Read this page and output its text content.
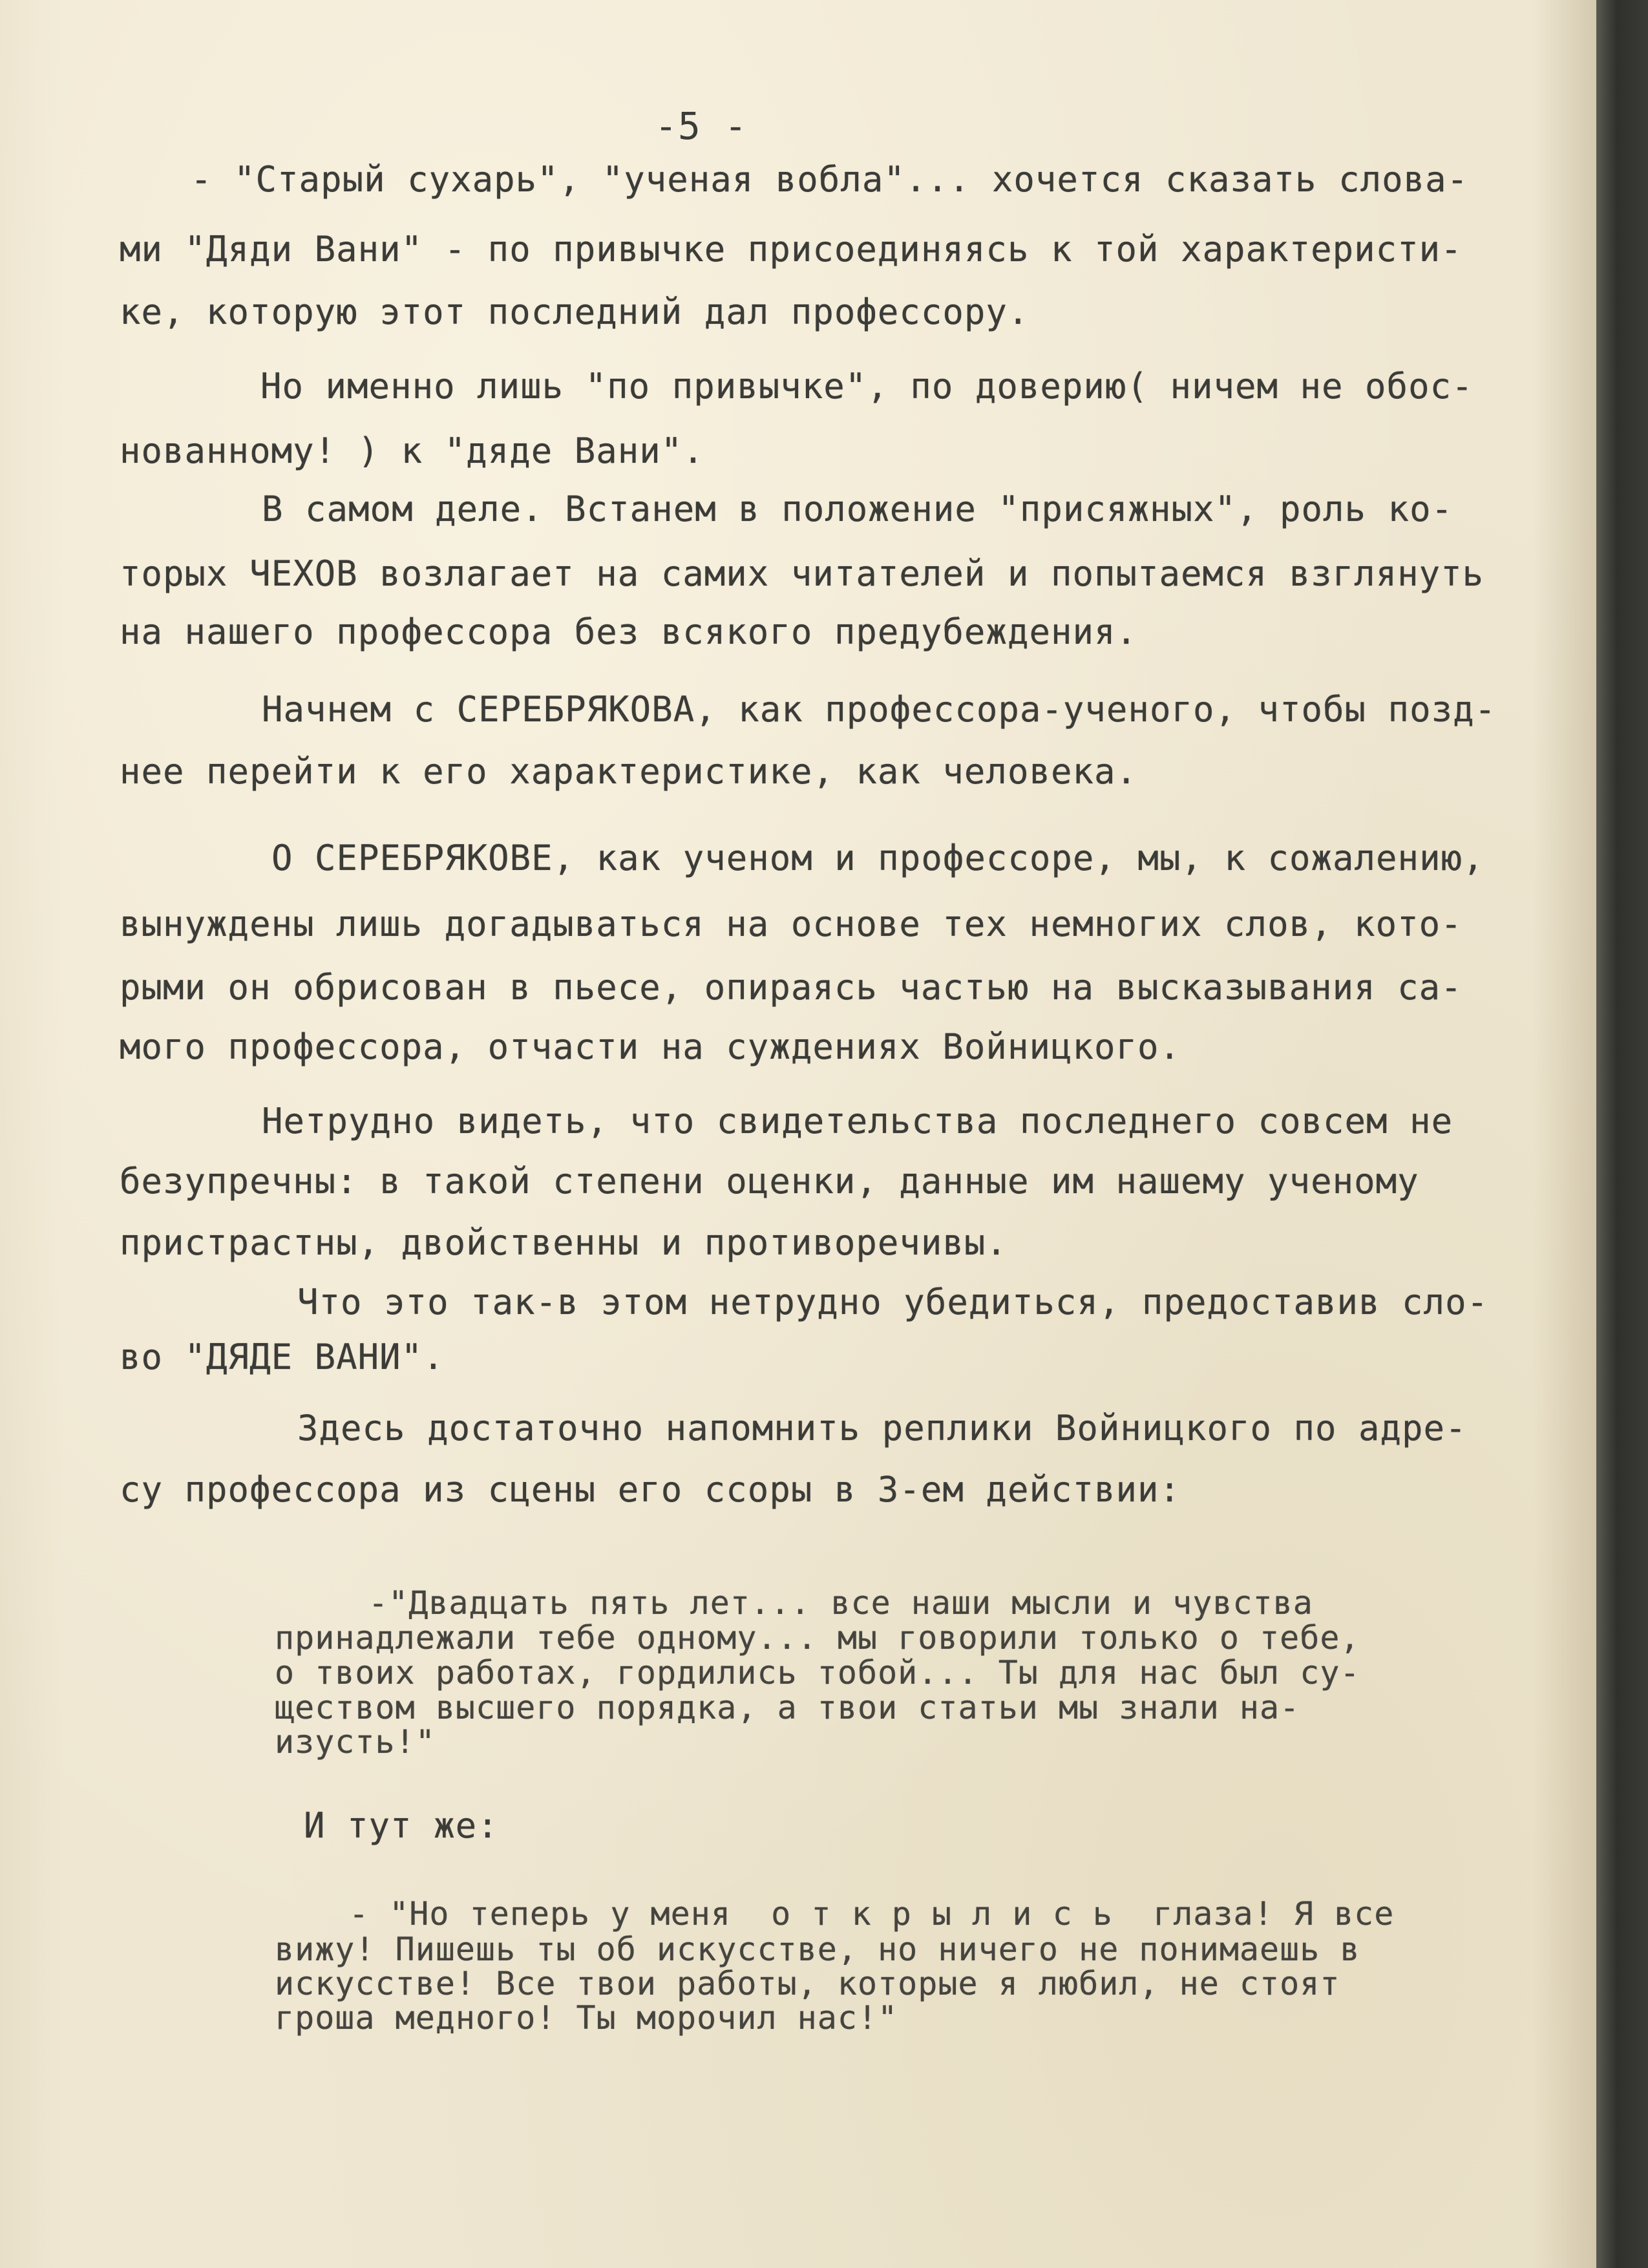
-5 -
- "Старый сухарь", "ученая вобла"... хочется сказать слова-
ми "Дяди Вани" - по привычке присоединяясь к той характеристи-
ке, которую этот последний дал профессору.
Но именно лишь "по привычке", по доверию( ничем не обос-
нованному! ) к "дяде Вани".
В самом деле. Встанем в положение "присяжных", роль ко-
торых ЧЕХОВ возлагает на самих читателей и попытаемся взглянуть
на нашего профессора без всякого предубеждения.
Начнем с СЕРЕБРЯКОВА, как профессора-ученого, чтобы позд-
нее перейти к его характеристике, как человека.
О СЕРЕБРЯКОВЕ, как ученом и профессоре, мы, к сожалению,
вынуждены лишь догадываться на основе тех немногих слов, кото-
рыми он обрисован в пьесе, опираясь частью на высказывания са-
мого профессора, отчасти на суждениях Войницкого.
Нетрудно видеть, что свидетельства последнего совсем не
безупречны: в такой степени оценки, данные им нашему ученому
пристрастны, двойственны и противоречивы.
Что это так-в этом нетрудно убедиться, предоставив сло-
во "ДЯДЕ ВАНИ".
Здесь достаточно напомнить реплики Войницкого по адре-
су профессора из сцены его ссоры в 3-ем действии:
-"Двадцать пять лет... все наши мысли и чувства
принадлежали тебе одному... мы говорили только о тебе,
о твоих работах, гордились тобой... Ты для нас был су-
ществом высшего порядка, а твои статьи мы знали на-
изусть!"
И тут же:
- "Но теперь у меня  о т к р ы л и с ь  глаза! Я все
вижу! Пишешь ты об искусстве, но ничего не понимаешь в
искусстве! Все твои работы, которые я любил, не стоят
гроша медного! Ты морочил нас!"
